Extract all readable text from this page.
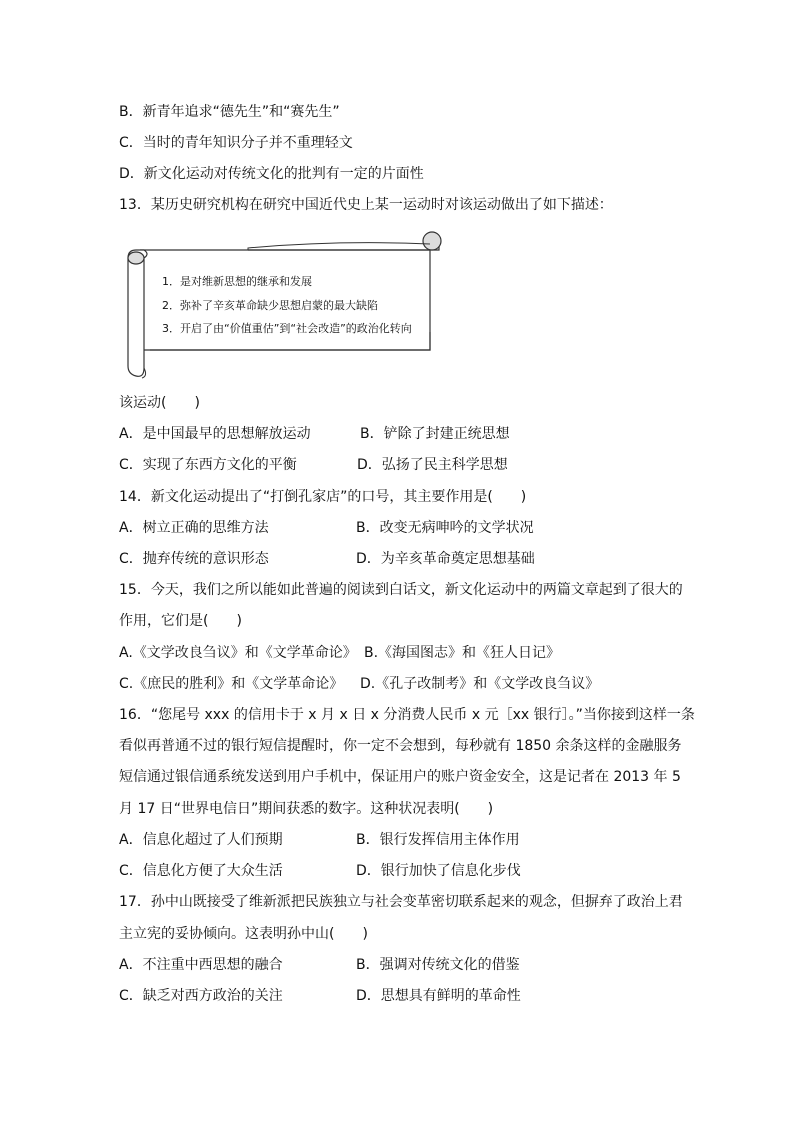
B．新青年追求“德先生”和“赛先生”
C．当时的青年知识分子并不重理轻文
D．新文化运动对传统文化的批判有一定的片面性
13．某历史研究机构在研究中国近代史上某一运动时对该运动做出了如下描述：
1．是对维新思想的继承和发展
2．弥补了辛亥革命缺少思想启蒙的最大缺陷
3．开启了由“价值重估”到“社会改造”的政治化转向
该运动(　　)
A．是中国最早的思想解放运动	B．铲除了封建正统思想
C．实现了东西方文化的平衡	D．弘扬了民主科学思想
14．新文化运动提出了“打倒孔家店”的口号，其主要作用是(　　)
A．树立正确的思维方法	B．改变无病呻吟的文学状况
C．抛弃传统的意识形态	D．为辛亥革命奠定思想基础
15．今天，我们之所以能如此普遍的阅读到白话文，新文化运动中的两篇文章起到了很大的
作用，它们是(　　)
A.《文学改良刍议》和《文学革命论》 B.《海国图志》和《狂人日记》
C.《庶民的胜利》和《文学革命论》 D.《孔子改制考》和《文学改良刍议》
16．“您尾号 xxx 的信用卡于 x 月 x 日 x 分消费人民币 x 元［xx 银行］。”当你接到这样一条
看似再普通不过的银行短信提醒时，你一定不会想到，每秒就有 1850 余条这样的金融服务
短信通过银信通系统发送到用户手机中，保证用户的账户资金安全，这是记者在 2013 年 5
月 17 日“世界电信日”期间获悉的数字。这种状况表明(　　)
A．信息化超过了人们预期	B．银行发挥信用主体作用
C．信息化方便了大众生活	D．银行加快了信息化步伐
17．孙中山既接受了维新派把民族独立与社会变革密切联系起来的观念，但摒弃了政治上君
主立宪的妥协倾向。这表明孙中山(　　)
A．不注重中西思想的融合	B．强调对传统文化的借鉴
C．缺乏对西方政治的关注	D．思想具有鲜明的革命性
